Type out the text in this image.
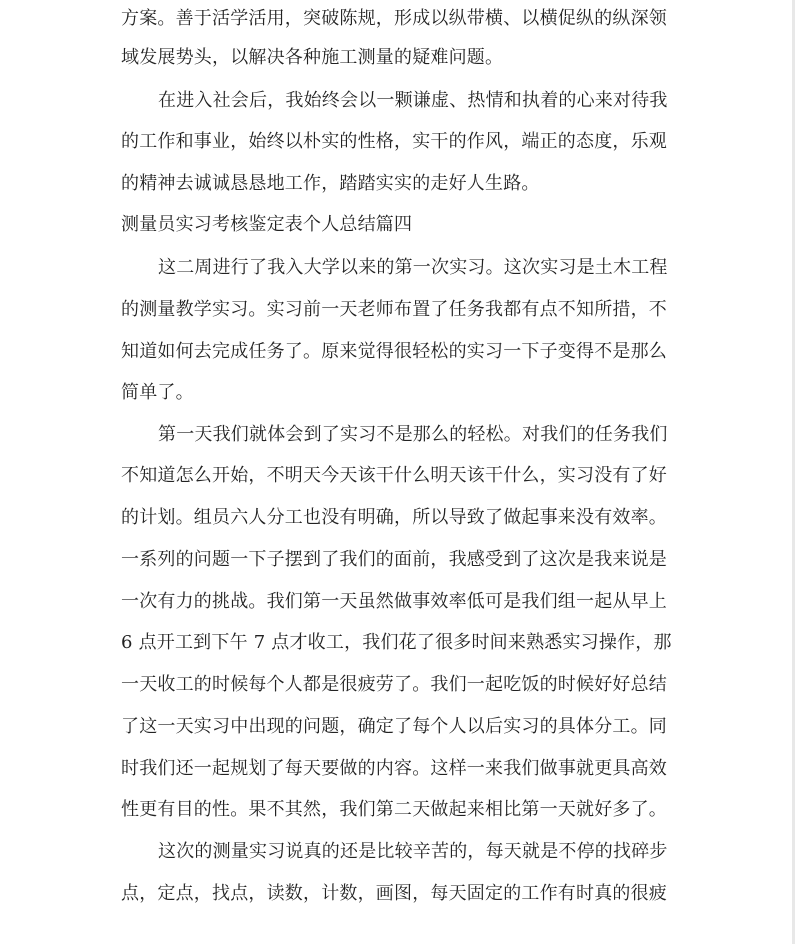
方案。善于活学活用，突破陈规，形成以纵带横、以横促纵的纵深领
域发展势头，以解决各种施工测量的疑难问题。
在进入社会后，我始终会以一颗谦虚、热情和执着的心来对待我
的工作和事业，始终以朴实的性格，实干的作风，端正的态度，乐观
的精神去诚诚恳恳地工作，踏踏实实的走好人生路。
测量员实习考核鉴定表个人总结篇四
这二周进行了我入大学以来的第一次实习。这次实习是土木工程
的测量教学实习。实习前一天老师布置了任务我都有点不知所措，不
知道如何去完成任务了。原来觉得很轻松的实习一下子变得不是那么
简单了。
第一天我们就体会到了实习不是那么的轻松。对我们的任务我们
不知道怎么开始，不明天今天该干什么明天该干什么，实习没有了好
的计划。组员六人分工也没有明确，所以导致了做起事来没有效率。
一系列的问题一下子摆到了我们的面前，我感受到了这次是我来说是
一次有力的挑战。我们第一天虽然做事效率低可是我们组一起从早上
6 点开工到下午 7 点才收工，我们花了很多时间来熟悉实习操作，那
一天收工的时候每个人都是很疲劳了。我们一起吃饭的时候好好总结
了这一天实习中出现的问题，确定了每个人以后实习的具体分工。同
时我们还一起规划了每天要做的内容。这样一来我们做事就更具高效
性更有目的性。果不其然，我们第二天做起来相比第一天就好多了。
这次的测量实习说真的还是比较辛苦的，每天就是不停的找碎步
点，定点，找点，读数，计数，画图，每天固定的工作有时真的很疲
